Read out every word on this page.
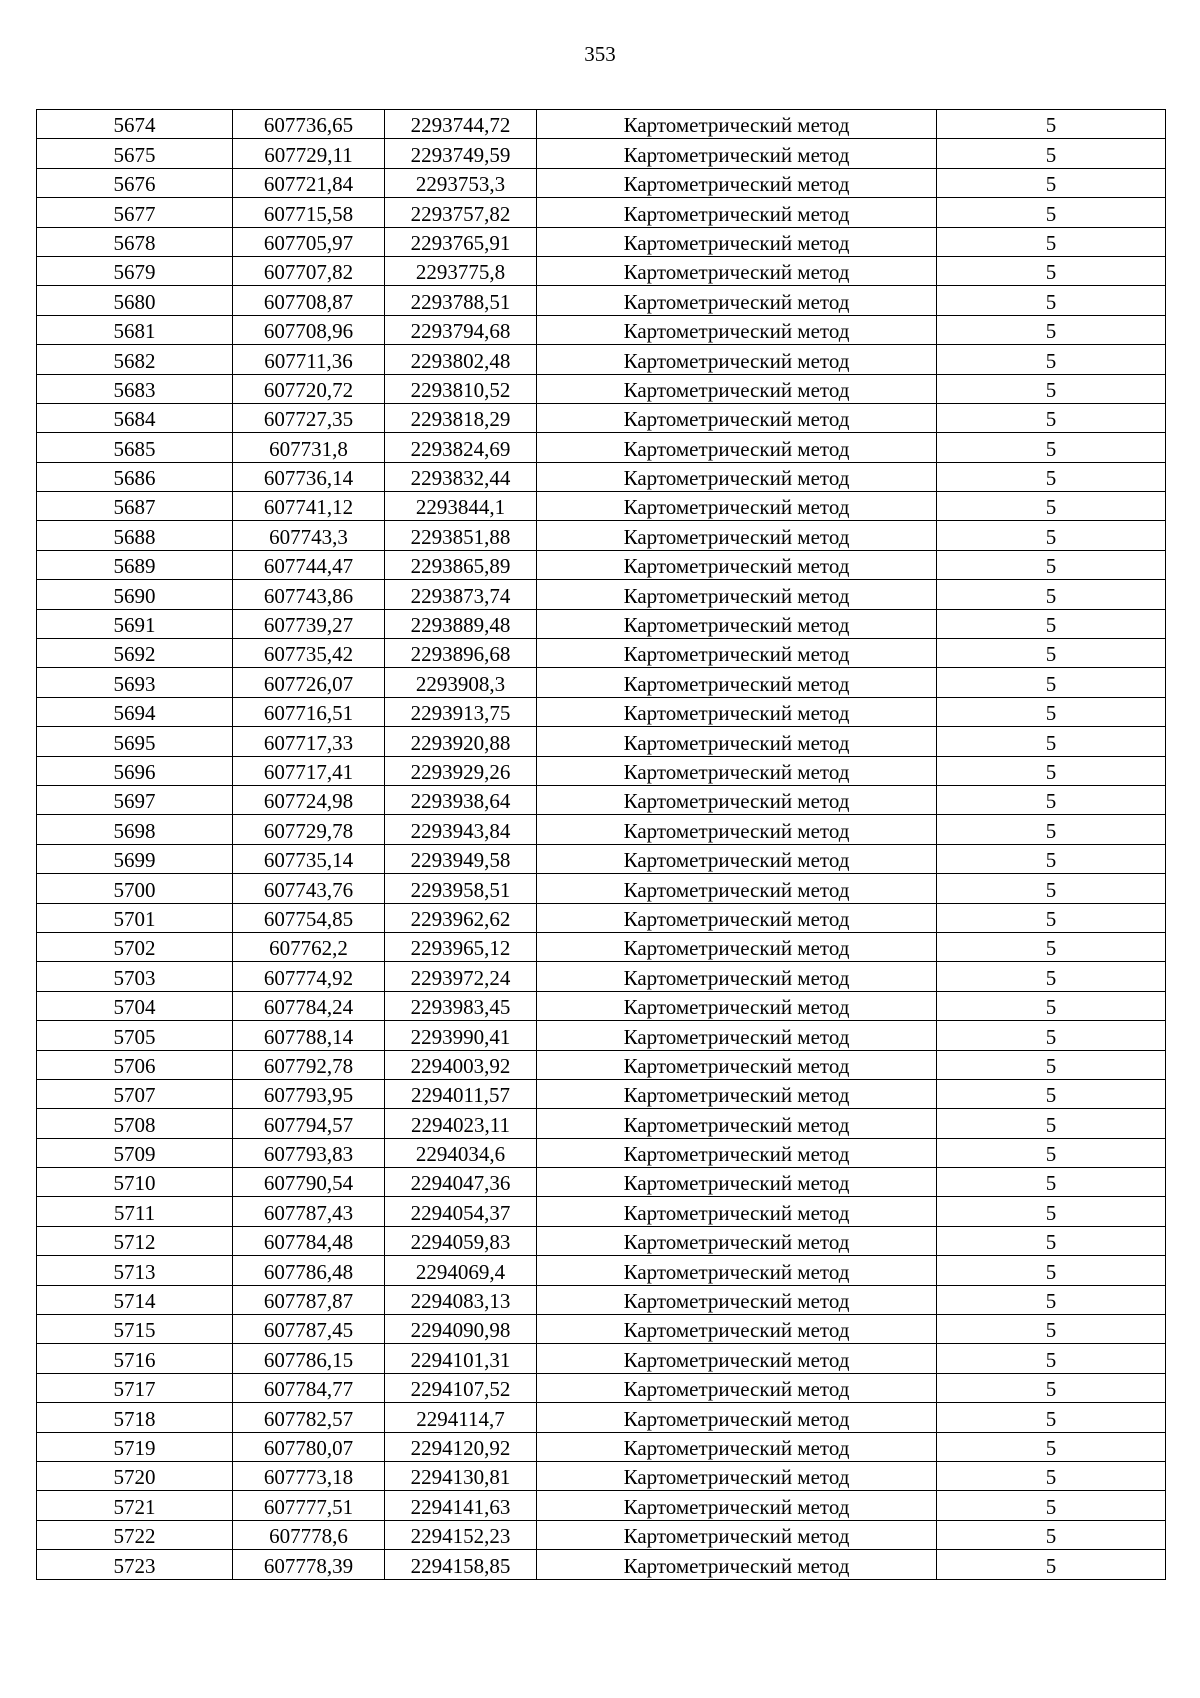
353
5674	607736,65	2293744,72	Картометрический метод	5
5675	607729,11	2293749,59	Картометрический метод	5
5676	607721,84	2293753,3	Картометрический метод	5
5677	607715,58	2293757,82	Картометрический метод	5
5678	607705,97	2293765,91	Картометрический метод	5
5679	607707,82	2293775,8	Картометрический метод	5
5680	607708,87	2293788,51	Картометрический метод	5
5681	607708,96	2293794,68	Картометрический метод	5
5682	607711,36	2293802,48	Картометрический метод	5
5683	607720,72	2293810,52	Картометрический метод	5
5684	607727,35	2293818,29	Картометрический метод	5
5685	607731,8	2293824,69	Картометрический метод	5
5686	607736,14	2293832,44	Картометрический метод	5
5687	607741,12	2293844,1	Картометрический метод	5
5688	607743,3	2293851,88	Картометрический метод	5
5689	607744,47	2293865,89	Картометрический метод	5
5690	607743,86	2293873,74	Картометрический метод	5
5691	607739,27	2293889,48	Картометрический метод	5
5692	607735,42	2293896,68	Картометрический метод	5
5693	607726,07	2293908,3	Картометрический метод	5
5694	607716,51	2293913,75	Картометрический метод	5
5695	607717,33	2293920,88	Картометрический метод	5
5696	607717,41	2293929,26	Картометрический метод	5
5697	607724,98	2293938,64	Картометрический метод	5
5698	607729,78	2293943,84	Картометрический метод	5
5699	607735,14	2293949,58	Картометрический метод	5
5700	607743,76	2293958,51	Картометрический метод	5
5701	607754,85	2293962,62	Картометрический метод	5
5702	607762,2	2293965,12	Картометрический метод	5
5703	607774,92	2293972,24	Картометрический метод	5
5704	607784,24	2293983,45	Картометрический метод	5
5705	607788,14	2293990,41	Картометрический метод	5
5706	607792,78	2294003,92	Картометрический метод	5
5707	607793,95	2294011,57	Картометрический метод	5
5708	607794,57	2294023,11	Картометрический метод	5
5709	607793,83	2294034,6	Картометрический метод	5
5710	607790,54	2294047,36	Картометрический метод	5
5711	607787,43	2294054,37	Картометрический метод	5
5712	607784,48	2294059,83	Картометрический метод	5
5713	607786,48	2294069,4	Картометрический метод	5
5714	607787,87	2294083,13	Картометрический метод	5
5715	607787,45	2294090,98	Картометрический метод	5
5716	607786,15	2294101,31	Картометрический метод	5
5717	607784,77	2294107,52	Картометрический метод	5
5718	607782,57	2294114,7	Картометрический метод	5
5719	607780,07	2294120,92	Картометрический метод	5
5720	607773,18	2294130,81	Картометрический метод	5
5721	607777,51	2294141,63	Картометрический метод	5
5722	607778,6	2294152,23	Картометрический метод	5
5723	607778,39	2294158,85	Картометрический метод	5
